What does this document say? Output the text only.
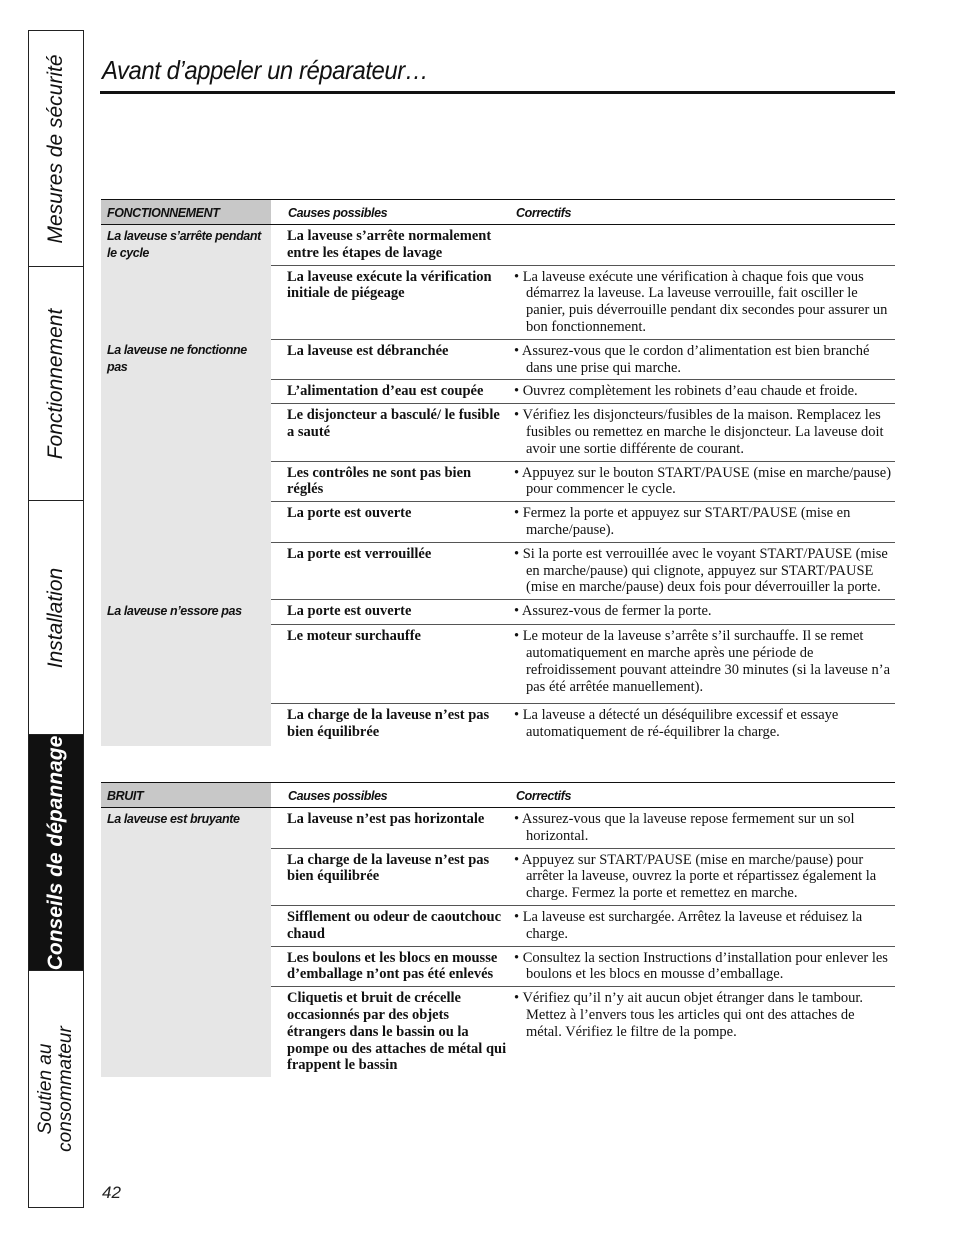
Mesures de sécurité
Fonctionnement
Installation
Conseils de dépannage
Soutien au
consommateur
Avant d’appeler un réparateur…
FONCTIONNEMENT	Causes possibles	Correctifs
La laveuse s’arrête pendant le cycle	La laveuse s’arrête normalement entre les étapes de lavage	

	La laveuse exécute la vérification initiale de piégeage	• La laveuse exécute une vérification à chaque fois que vous démarrez la laveuse. La laveuse verrouille, fait osciller le panier, puis déverrouille pendant dix secondes pour assurer un bon fonctionnement.

La laveuse ne fonctionne pas	La laveuse est débranchée	• Assurez-vous que le cordon d’alimentation est bien branché dans une prise qui marche.

	L’alimentation d’eau est coupée	• Ouvrez complètement les robinets d’eau chaude et froide.

	Le disjoncteur a basculé/ le fusible a sauté	• Vérifiez les disjoncteurs/fusibles de la maison. Remplacez les fusibles ou remettez en marche le disjoncteur. La laveuse doit avoir une sortie différente de courant.

	Les contrôles ne sont pas bien réglés	• Appuyez sur le bouton START/PAUSE (mise en marche/pause) pour commencer le cycle.

	La porte est ouverte	• Fermez la porte et appuyez sur START/PAUSE (mise en marche/pause).

	La porte est verrouillée	• Si la porte est verrouillée avec le voyant START/PAUSE (mise en marche/pause) qui clignote, appuyez sur START/PAUSE (mise en marche/pause) deux fois pour déverrouiller la porte.

La laveuse n’essore pas	La porte est ouverte	• Assurez-vous de fermer la porte.

	Le moteur surchauffe	• Le moteur de la laveuse s’arrête s’il surchauffe. Il se remet automatiquement en marche après une période de refroidissement pouvant atteindre 30 minutes (si la laveuse n’a pas été arrêtée manuellement).

	La charge de la laveuse n’est pas bien équilibrée	• La laveuse a détecté un déséquilibre excessif et essaye automatiquement de ré-équilibrer la charge.
BRUIT	Causes possibles	Correctifs
La laveuse est bruyante	La laveuse n’est pas horizontale	• Assurez-vous que la laveuse repose fermement sur un sol horizontal.

	La charge de la laveuse n’est pas bien équilibrée	• Appuyez sur START/PAUSE (mise en marche/pause) pour arrêter la laveuse, ouvrez la porte et répartissez également la charge. Fermez la porte et remettez en marche.

	Sifflement ou odeur de caoutchouc chaud	• La laveuse est surchargée. Arrêtez la laveuse et réduisez la charge.

	Les boulons et les blocs en mousse d’emballage n’ont pas été enlevés	• Consultez la section Instructions d’installation pour enlever les boulons et les blocs en mousse d’emballage.

	Cliquetis et bruit de crécelle occasionnés par des objets étrangers dans le bassin ou la pompe ou des attaches de métal qui frappent le bassin	• Vérifiez qu’il n’y ait aucun objet étranger dans le tambour. Mettez à l’envers tous les articles qui ont des attaches de métal. Vérifiez le filtre de la pompe.
42
